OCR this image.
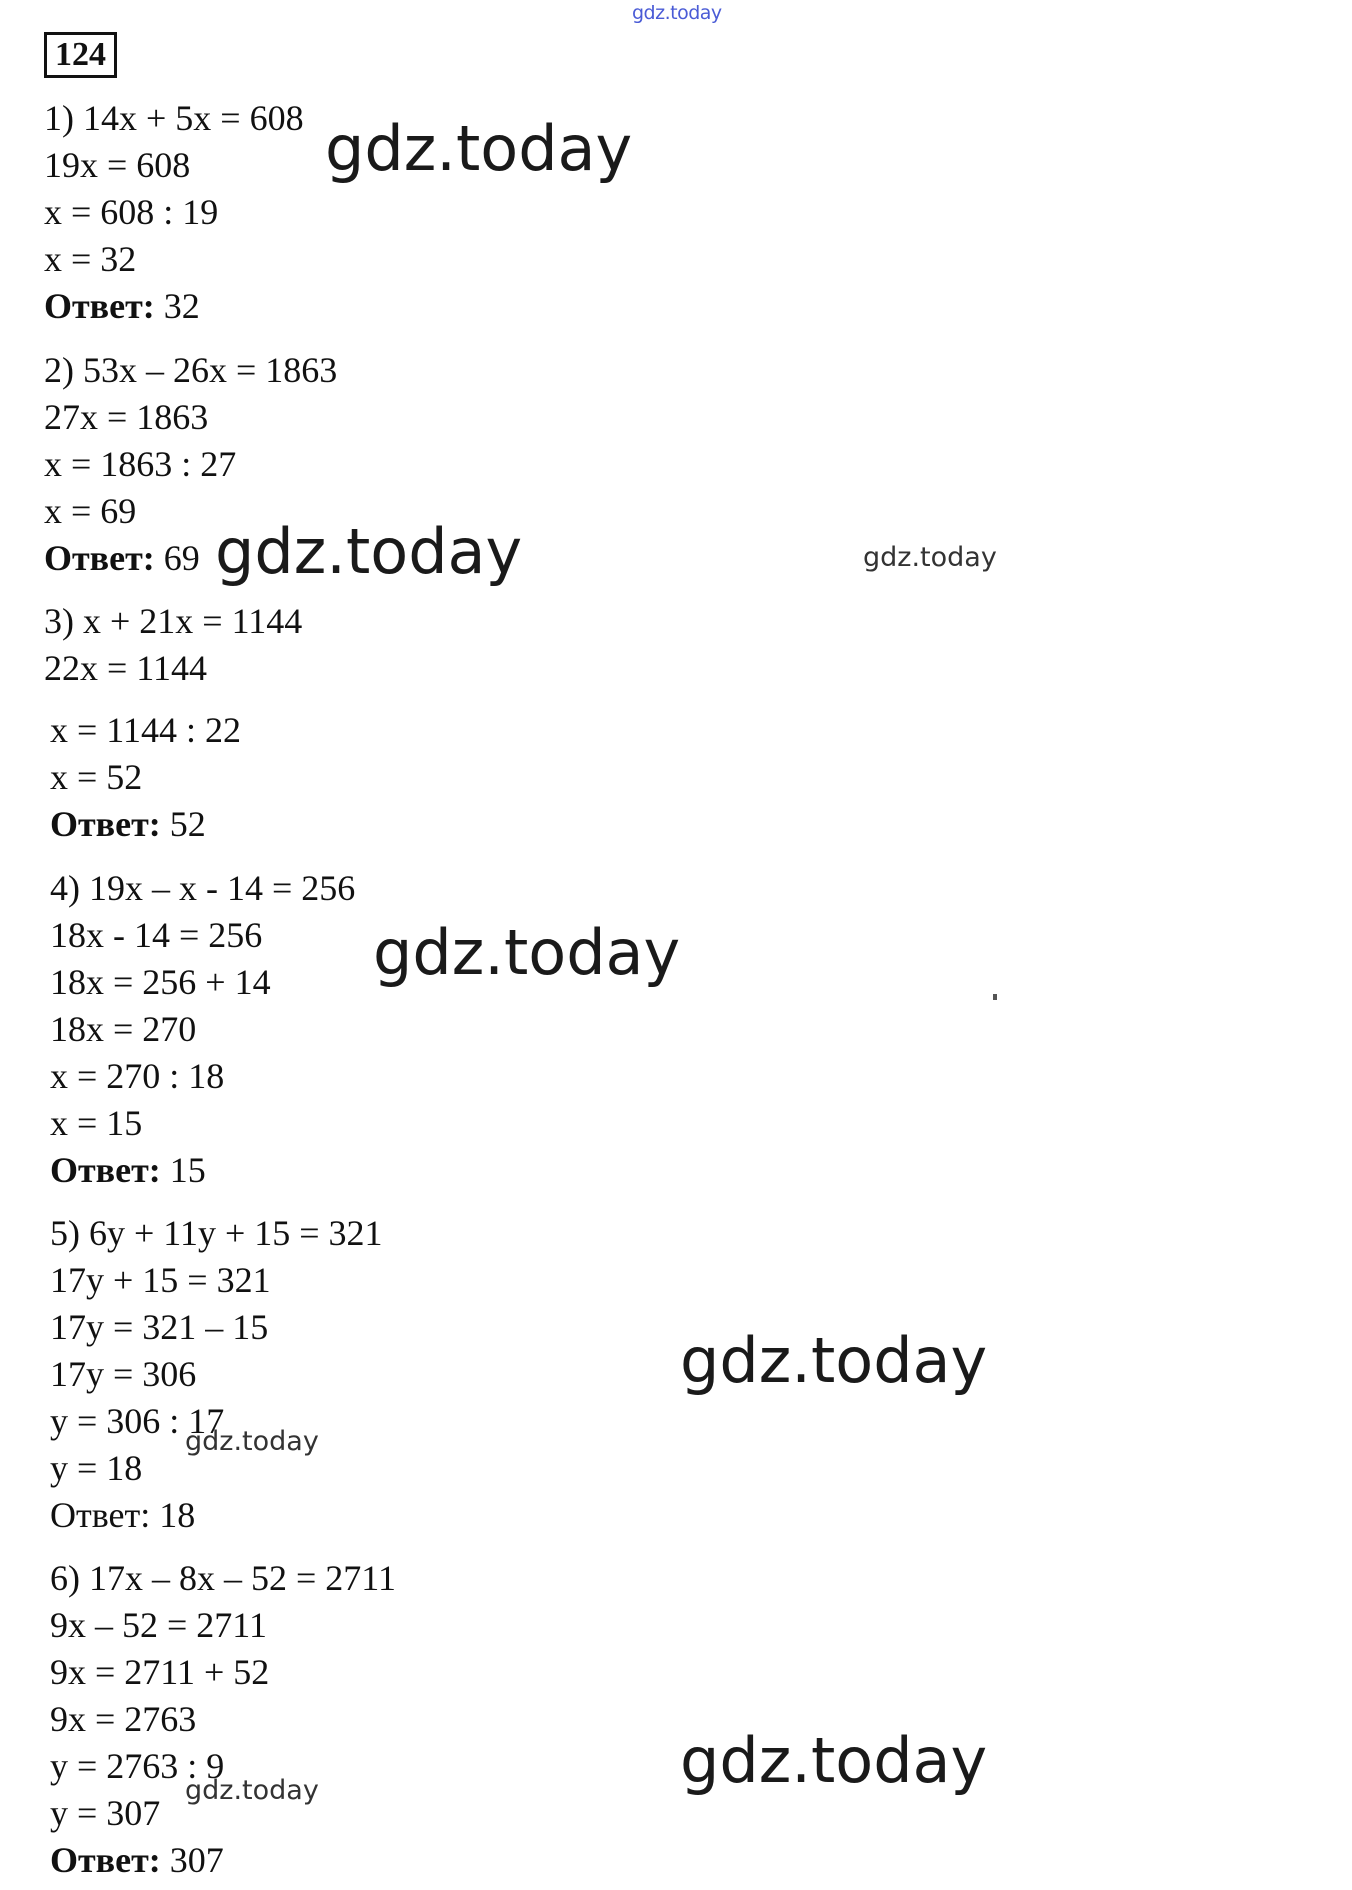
gdz.today
124
1) 14x + 5x = 608
19x = 608
x = 608 : 19
x = 32
Ответ: 32
2) 53x – 26x = 1863
27x = 1863
x = 1863 : 27
x = 69
Ответ: 69
3) x + 21x = 1144
22x = 1144
x = 1144 : 22
x = 52
Ответ: 52
4) 19x – x - 14 = 256
18x - 14 = 256
18x = 256 + 14
18x = 270
x = 270 : 18
x = 15
Ответ: 15
5) 6y + 11y + 15 = 321
17y + 15 = 321
17y = 321 – 15
17y = 306
y = 306 : 17
y = 18
Ответ: 18
6) 17x – 8x – 52 = 2711
9x – 52 = 2711
9x = 2711 + 52
9x = 2763
y = 2763 : 9
y = 307
Ответ: 307
gdz.today
gdz.today	gdz.today
gdz.today
gdz.today
gdz.today
gdz.today
gdz.today
